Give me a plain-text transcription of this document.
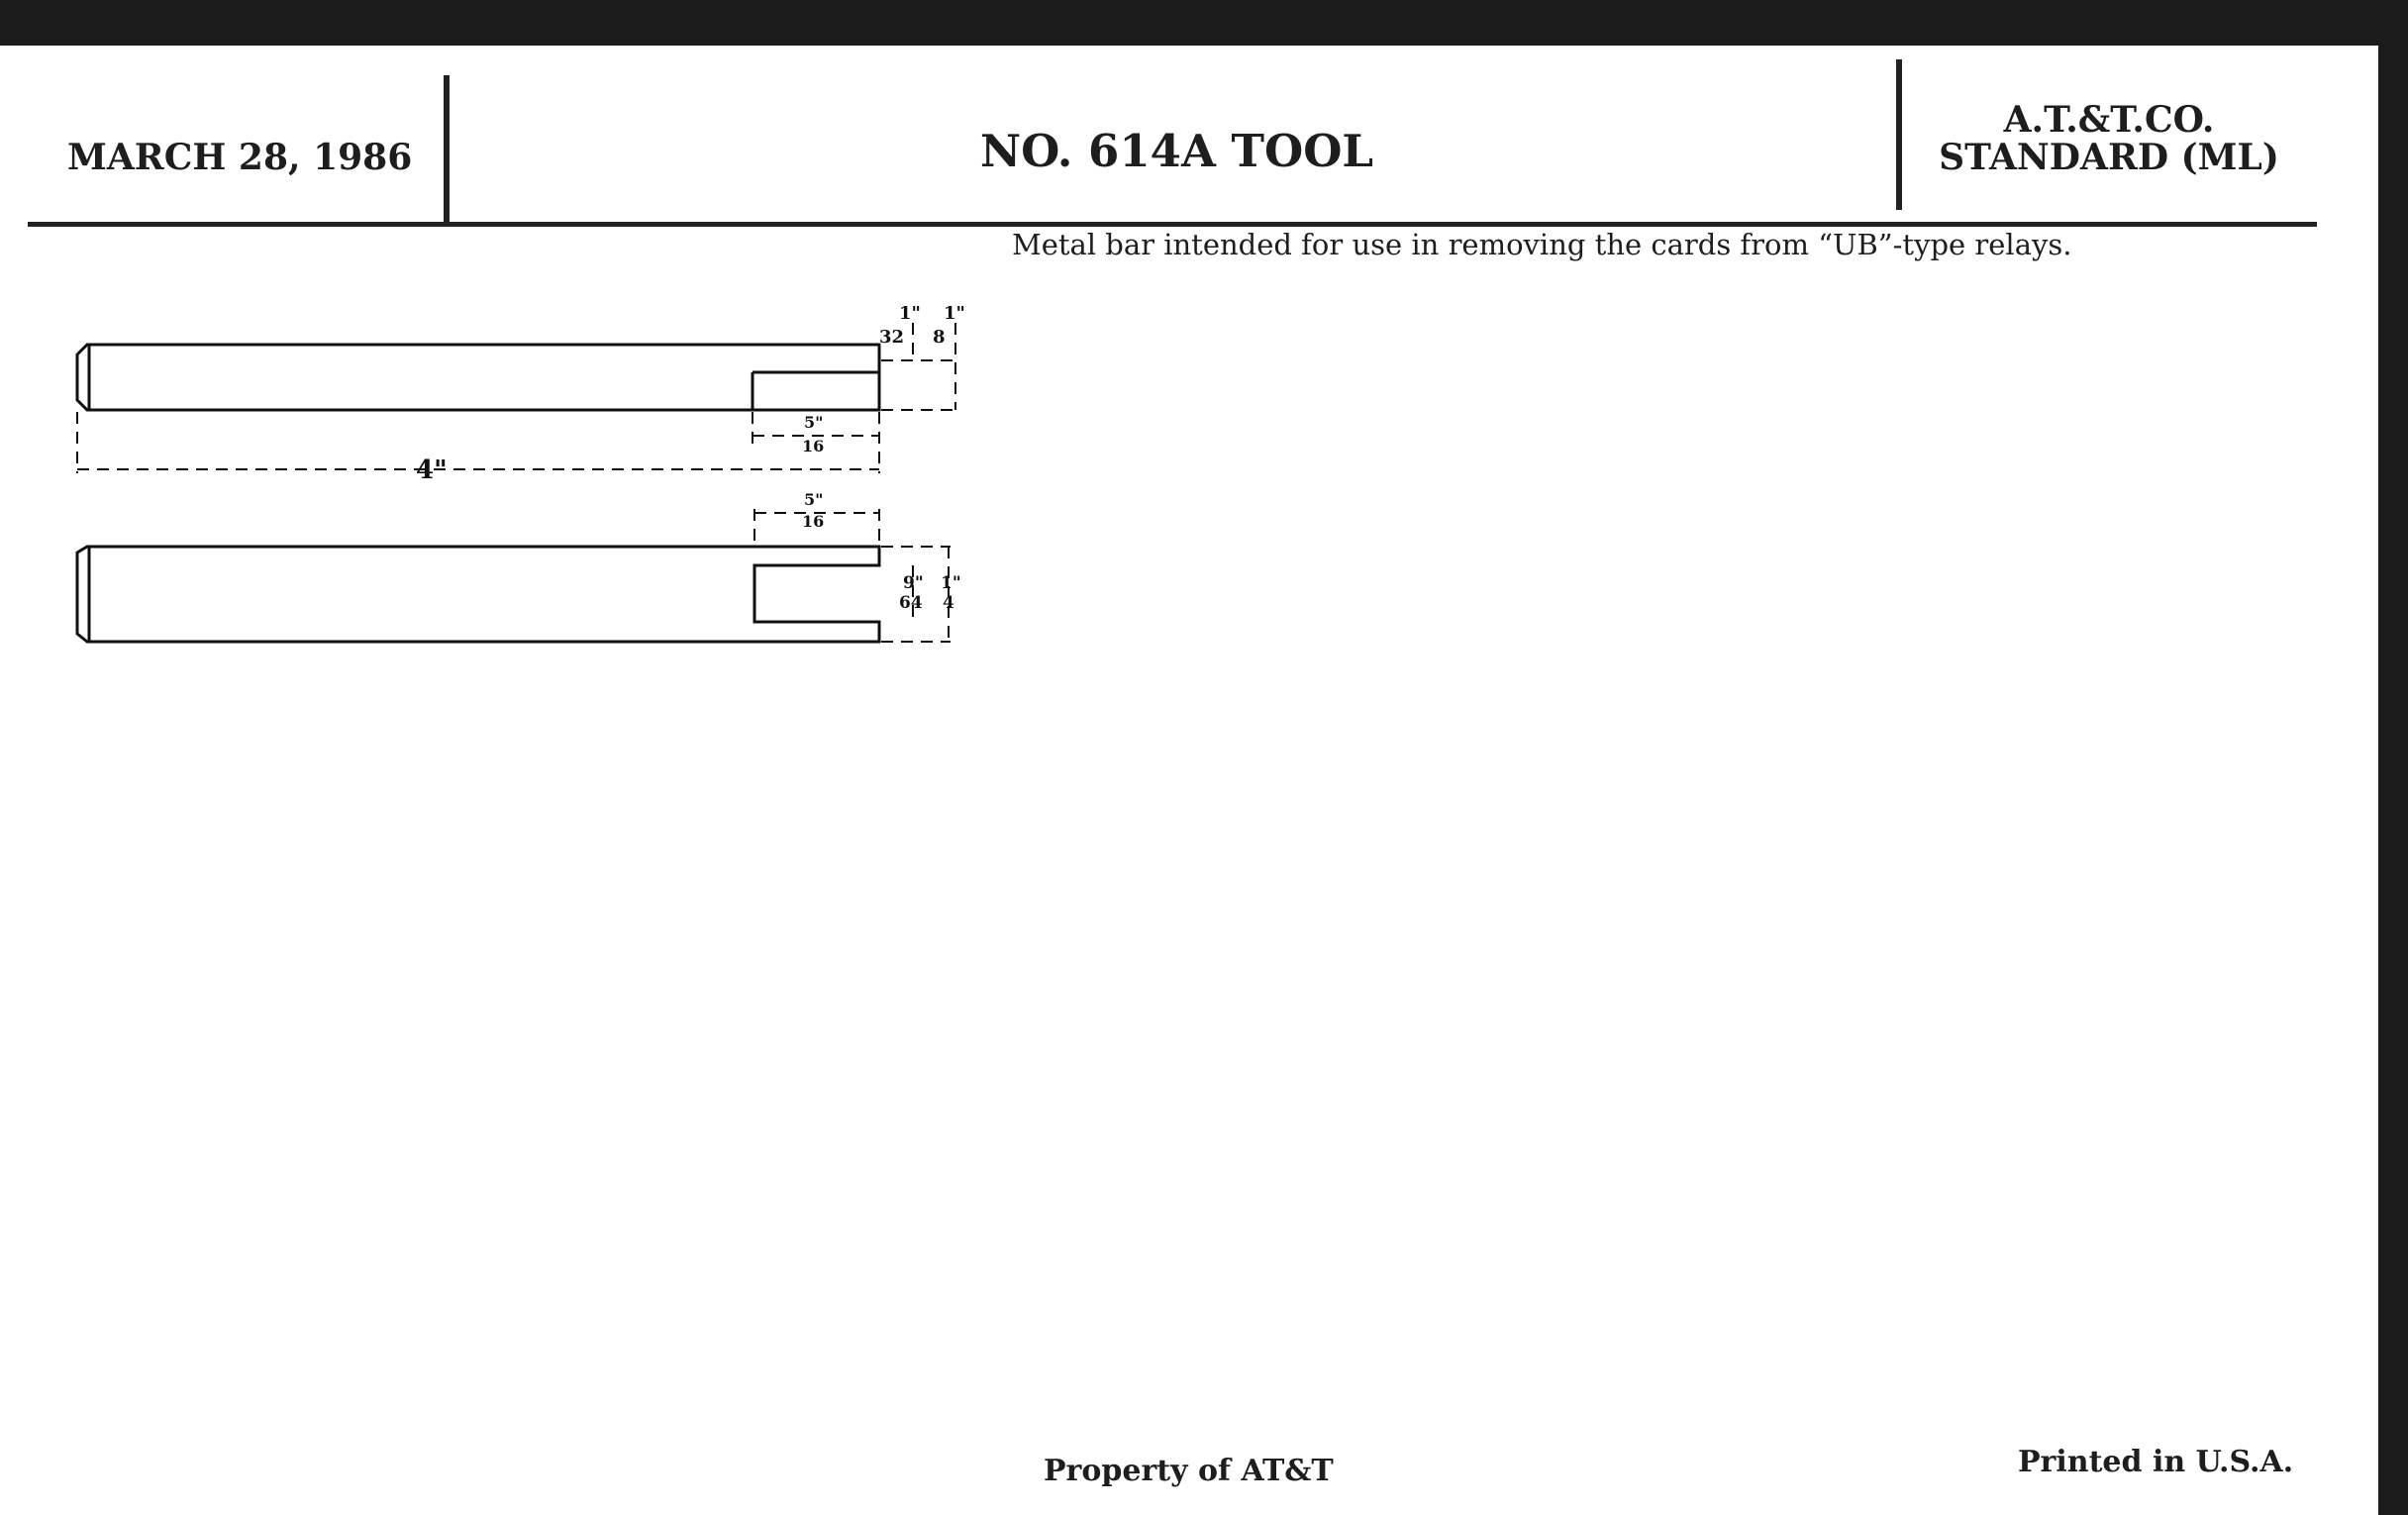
MARCH 28, 1986	NO. 614A TOOL
A.T.&T.CO.
STANDARD (ML)
Metal bar intended for use in removing the cards from “UB”-type relays.
4"
1"
32
1"
8
5"
16
5"
16
9"
64
1"
4
Property of AT&T	Printed in U.S.A.
